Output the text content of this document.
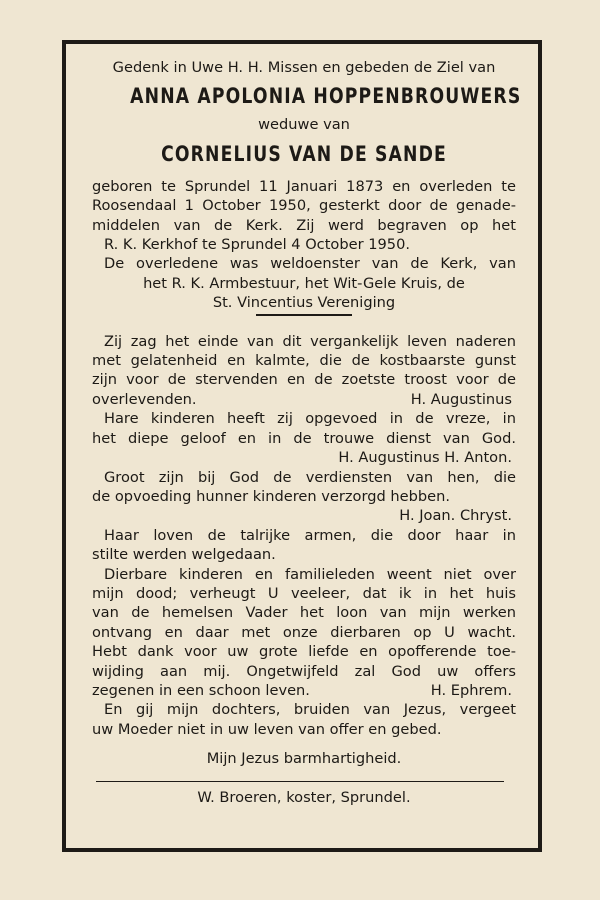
Gedenk in Uwe H. H. Missen en gebeden de Ziel van
ANNA APOLONIA HOPPENBROUWERS
weduwe van
CORNELIUS VAN DE SANDE
geboren te Sprundel 11 Januari 1873 en overleden te
Roosendaal 1 October 1950, gesterkt door de genade-
middelen van de Kerk. Zij werd begraven op het
R. K. Kerkhof te Sprundel 4 October 1950.
De overledene was weldoenster van de Kerk, van
het R. K. Armbestuur, het Wit-Gele Kruis, de
St. Vincentius Vereniging
Zij zag het einde van dit vergankelijk leven naderen
met gelatenheid en kalmte, die de kostbaarste gunst
zijn voor de stervenden en de zoetste troost voor de
overlevenden.	H. Augustinus
Hare kinderen heeft zij opgevoed in de vreze, in
het diepe geloof en in de trouwe dienst van God.
H. Augustinus H. Anton.
Groot zijn bij God de verdiensten van hen, die
de opvoeding hunner kinderen verzorgd hebben.
H. Joan. Chryst.
Haar loven de talrijke armen, die door haar in
stilte werden welgedaan.
Dierbare kinderen en familieleden weent niet over
mijn dood; verheugt U veeleer, dat ik in het huis
van de hemelsen Vader het loon van mijn werken
ontvang en daar met onze dierbaren op U wacht.
Hebt dank voor uw grote liefde en opofferende toe-
wijding aan mij. Ongetwijfeld zal God uw offers
zegenen in een schoon leven.	H. Ephrem.
En gij mijn dochters, bruiden van Jezus, vergeet
uw Moeder niet in uw leven van offer en gebed.
Mijn Jezus barmhartigheid.
W. Broeren, koster, Sprundel.
